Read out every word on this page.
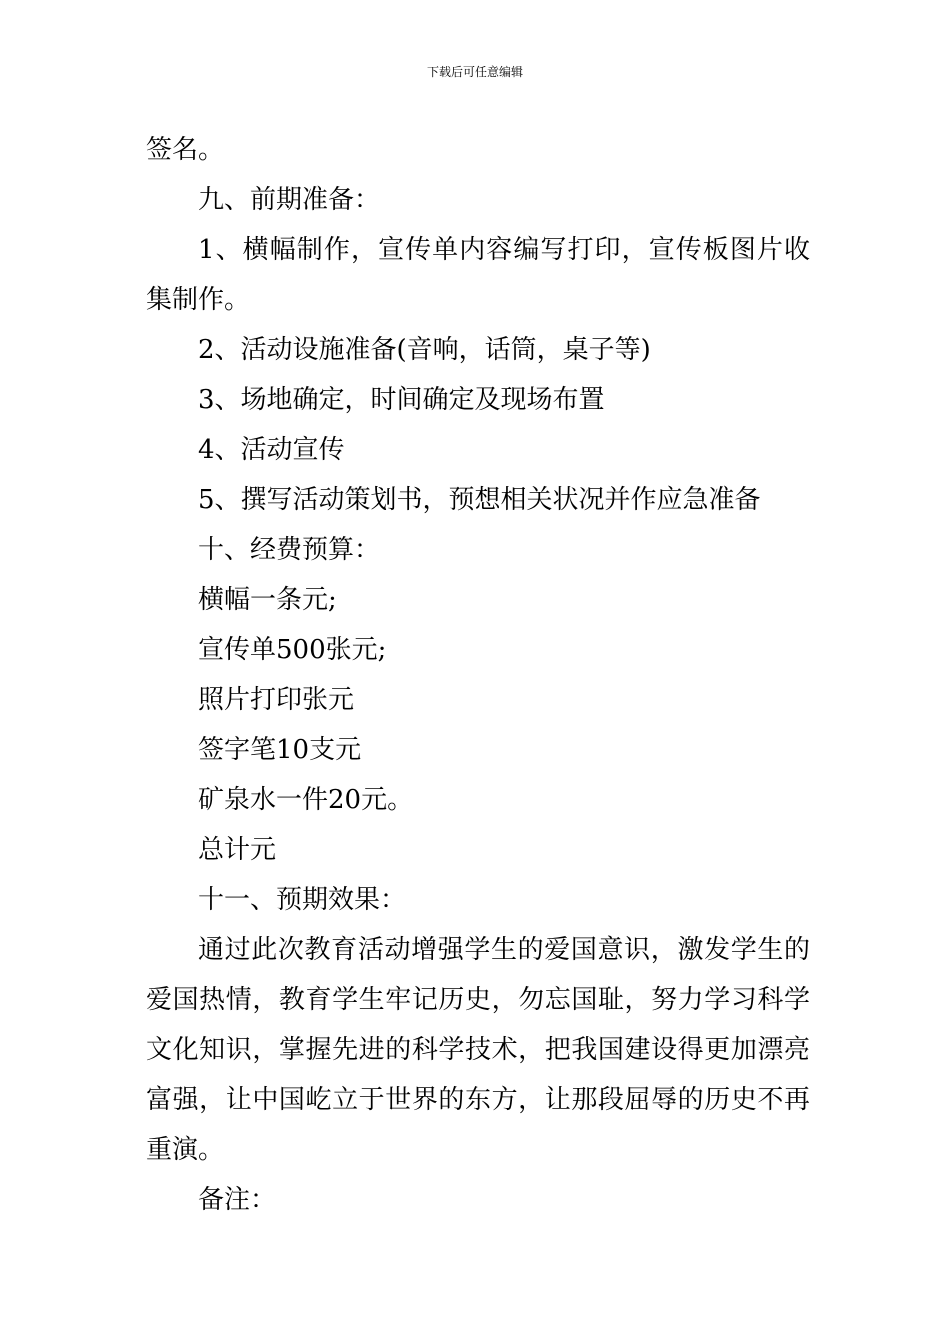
下载后可任意编辑

签名。

九、前期准备：

1、横幅制作，宣传单内容编写打印，宣传板图片收集制作。

2、活动设施准备(音响，话筒，桌子等)

3、场地确定，时间确定及现场布置

4、活动宣传

5、撰写活动策划书，预想相关状况并作应急准备

十、经费预算：

横幅一条元;

宣传单500张元;

照片打印张元

签字笔10支元

矿泉水一件20元。

总计元

十一、预期效果：

通过此次教育活动增强学生的爱国意识，激发学生的爱国热情，教育学生牢记历史，勿忘国耻，努力学习科学文化知识，掌握先进的科学技术，把我国建设得更加漂亮富强，让中国屹立于世界的东方，让那段屈辱的历史不再重演。

备注：
